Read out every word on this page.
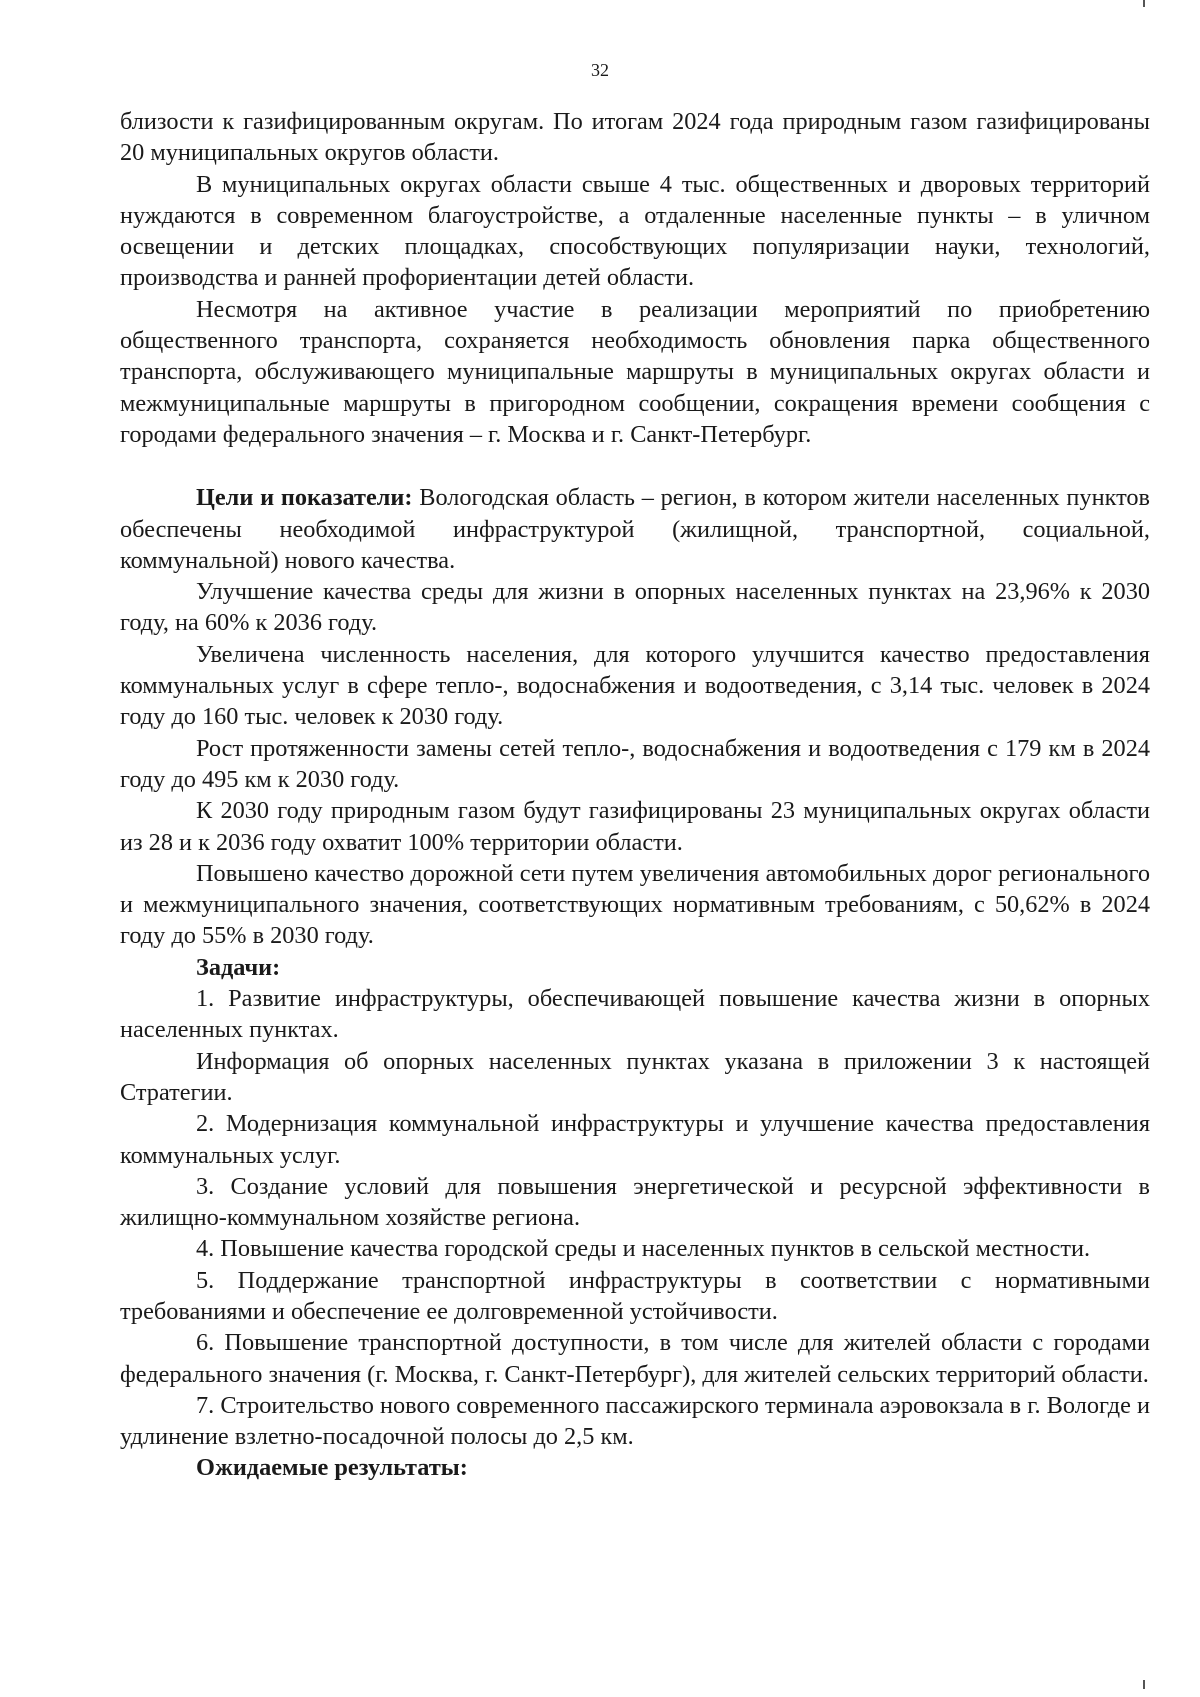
32

близости к газифицированным округам. По итогам 2024 года природным газом газифицированы 20 муниципальных округов области.

В муниципальных округах области свыше 4 тыс. общественных и дворовых территорий нуждаются в современном благоустройстве, а отдаленные населенные пункты – в уличном освещении и детских площадках, способствующих популяризации науки, технологий, производства и ранней профориентации детей области.

Несмотря на активное участие в реализации мероприятий по приобретению общественного транспорта, сохраняется необходимость обновления парка общественного транспорта, обслуживающего муниципальные маршруты в муниципальных округах области и межмуниципальные маршруты в пригородном сообщении, сокращения времени сообщения с городами федерального значения – г. Москва и г. Санкт-Петербург.

Цели и показатели: Вологодская область – регион, в котором жители населенных пунктов обеспечены необходимой инфраструктурой (жилищной, транспортной, социальной, коммунальной) нового качества.

Улучшение качества среды для жизни в опорных населенных пунктах на 23,96% к 2030 году, на 60% к 2036 году.

Увеличена численность населения, для которого улучшится качество предоставления коммунальных услуг в сфере тепло-, водоснабжения и водоотведения, с 3,14 тыс. человек в 2024 году до 160 тыс. человек к 2030 году.

Рост протяженности замены сетей тепло-, водоснабжения и водоотведения с 179 км в 2024 году до 495 км к 2030 году.

К 2030 году природным газом будут газифицированы 23 муниципальных округах области из 28 и к 2036 году охватит 100% территории области.

Повышено качество дорожной сети путем увеличения автомобильных дорог регионального и межмуниципального значения, соответствующих нормативным требованиям, с 50,62% в 2024 году до 55% в 2030 году.

Задачи:

1. Развитие инфраструктуры, обеспечивающей повышение качества жизни в опорных населенных пунктах.

Информация об опорных населенных пунктах указана в приложении 3 к настоящей Стратегии.

2. Модернизация коммунальной инфраструктуры и улучшение качества предоставления коммунальных услуг.

3. Создание условий для повышения энергетической и ресурсной эффективности в жилищно-коммунальном хозяйстве региона.

4. Повышение качества городской среды и населенных пунктов в сельской местности.

5. Поддержание транспортной инфраструктуры в соответствии с нормативными требованиями и обеспечение ее долговременной устойчивости.

6. Повышение транспортной доступности, в том числе для жителей области с городами федерального значения (г. Москва, г. Санкт-Петербург), для жителей сельских территорий области.

7. Строительство нового современного пассажирского терминала аэровокзала в г. Вологде и удлинение взлетно-посадочной полосы до 2,5 км.

Ожидаемые результаты:
